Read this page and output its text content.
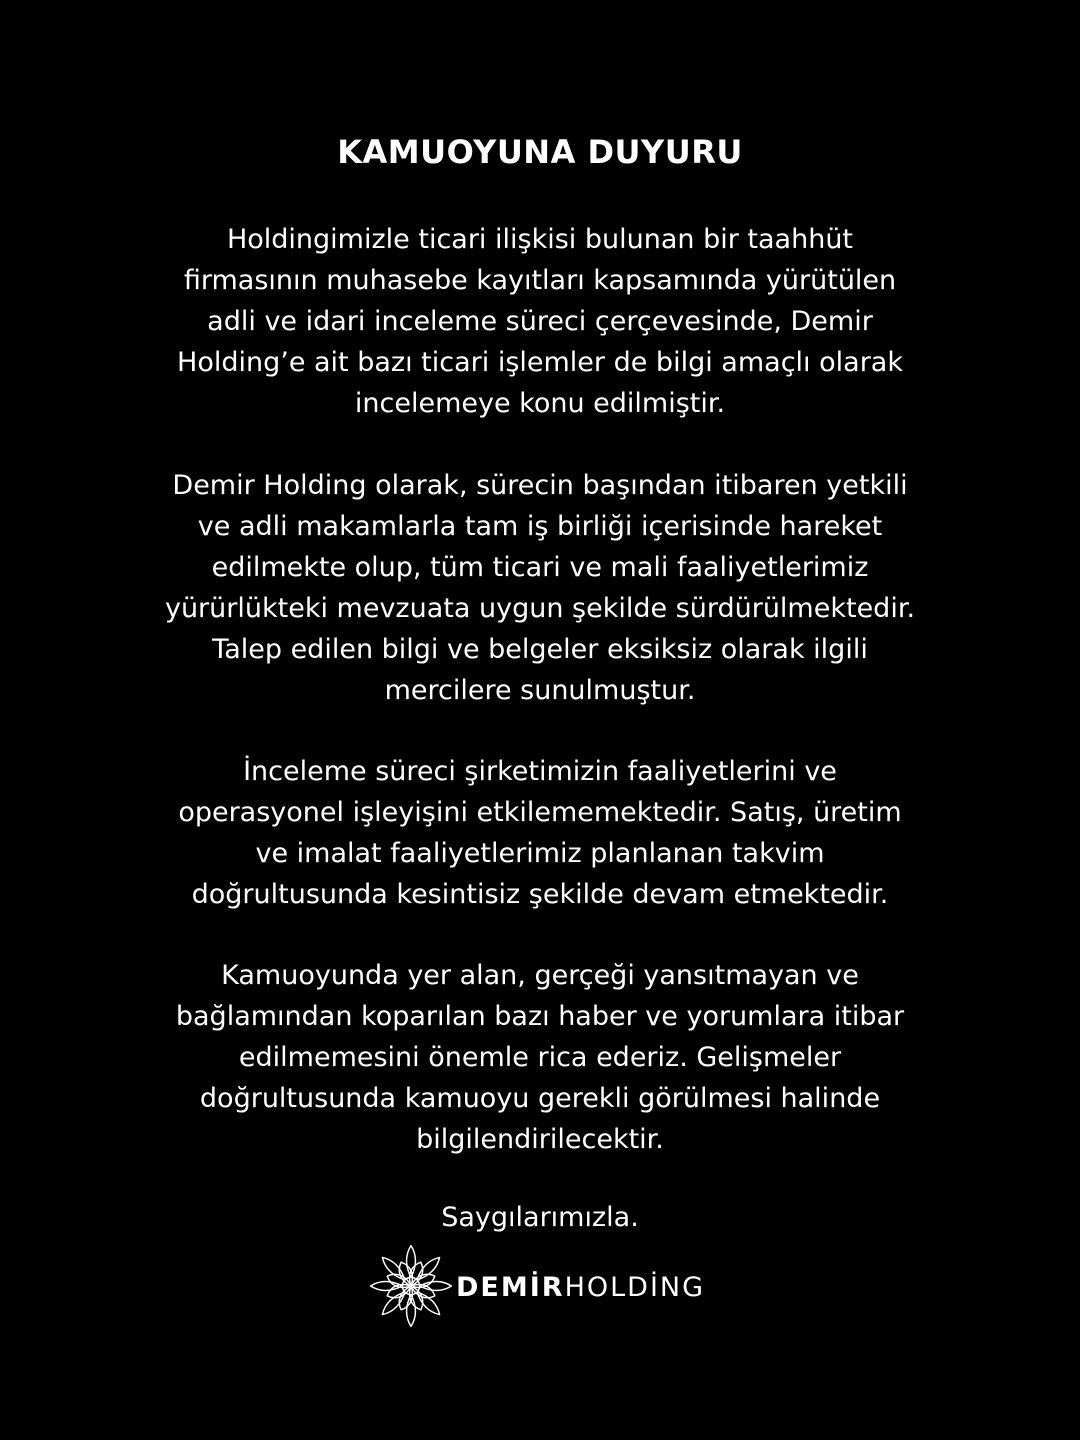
KAMUOYUNA DUYURU

Holdingimizle ticari ilişkisi bulunan bir taahhüt
firmasının muhasebe kayıtları kapsamında yürütülen
adli ve idari inceleme süreci çerçevesinde, Demir
Holding’e ait bazı ticari işlemler de bilgi amaçlı olarak
incelemeye konu edilmiştir.

Demir Holding olarak, sürecin başından itibaren yetkili
ve adli makamlarla tam iş birliği içerisinde hareket
edilmekte olup, tüm ticari ve mali faaliyetlerimiz
yürürlükteki mevzuata uygun şekilde sürdürülmektedir.
Talep edilen bilgi ve belgeler eksiksiz olarak ilgili
mercilere sunulmuştur.

İnceleme süreci şirketimizin faaliyetlerini ve
operasyonel işleyişini etkilememektedir. Satış, üretim
ve imalat faaliyetlerimiz planlanan takvim
doğrultusunda kesintisiz şekilde devam etmektedir.

Kamuoyunda yer alan, gerçeği yansıtmayan ve
bağlamından koparılan bazı haber ve yorumlara itibar
edilmemesini önemle rica ederiz. Gelişmeler
doğrultusunda kamuoyu gerekli görülmesi halinde
bilgilendirilecektir.

Saygılarımızla.

DEMİRHOLDİNG
